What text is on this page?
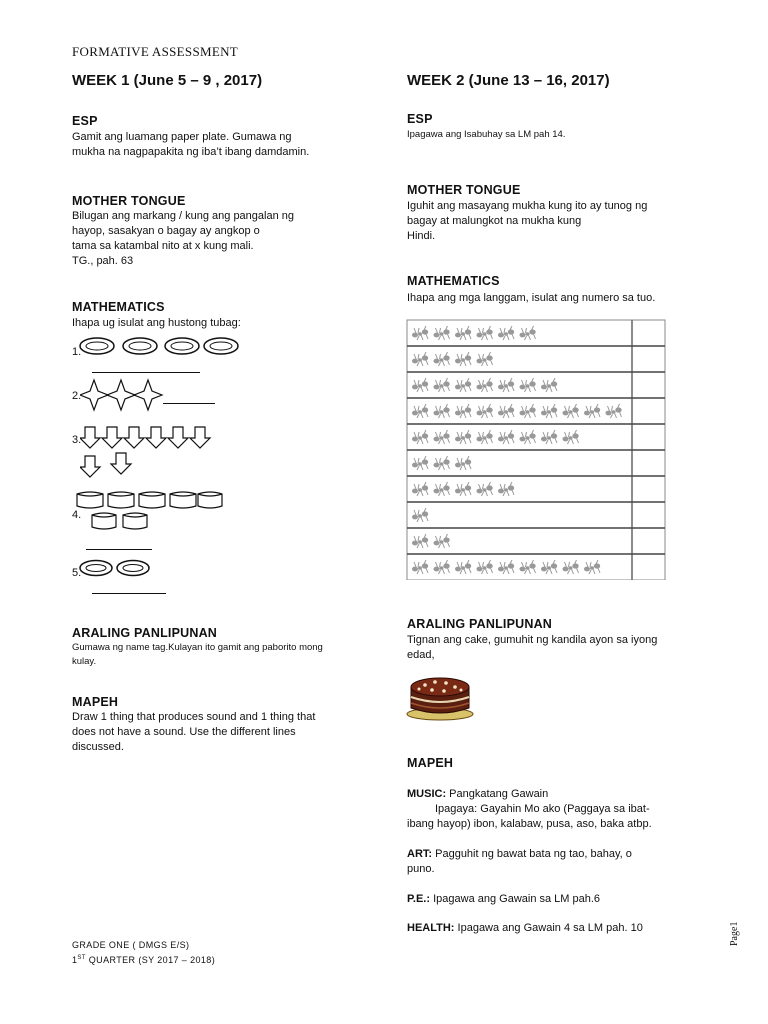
FORMATIVE ASSESSMENT
WEEK 1 (June 5 – 9 , 2017)
ESP
Gamit ang luamang paper plate. Gumawa ng
mukha na nagpapakita ng iba’t ibang damdamin.
MOTHER TONGUE
Bilugan ang markang / kung ang pangalan ng
hayop, sasakyan o bagay ay angkop o
tama sa katambal nito at x kung mali.
TG., pah. 63
MATHEMATICS
Ihapa ug isulat ang hustong tubag:
1.
2.
3.
4.
5.
ARALING PANLIPUNAN
Gumawa ng name tag.Kulayan ito gamit ang paborito mong
kulay.
MAPEH
Draw 1 thing that produces sound and 1 thing that
does not have a sound. Use the different lines
discussed.
WEEK 2 (June 13 – 16, 2017)
ESP
Ipagawa ang Isabuhay sa LM pah 14.
MOTHER TONGUE
Iguhit ang masayang mukha kung ito ay tunog ng
bagay at malungkot na mukha kung
Hindi.
MATHEMATICS
Ihapa ang mga langgam, isulat ang numero sa tuo.
ARALING PANLIPUNAN
Tignan ang cake, gumuhit ng kandila ayon sa iyong
edad,
MAPEH
MUSIC: Pangkatang Gawain
Ipagaya: Gayahin Mo ako (Paggaya sa ibat-
ibang hayop) ibon, kalabaw, pusa, aso, baka atbp.
ART: Pagguhit ng bawat bata ng tao, bahay, o
puno.
P.E.: Ipagawa ang Gawain sa LM pah.6
HEALTH: Ipagawa ang Gawain 4 sa LM pah. 10
GRADE ONE ( DMGS E/S)
1ST QUARTER (SY 2017 – 2018)
Page1
